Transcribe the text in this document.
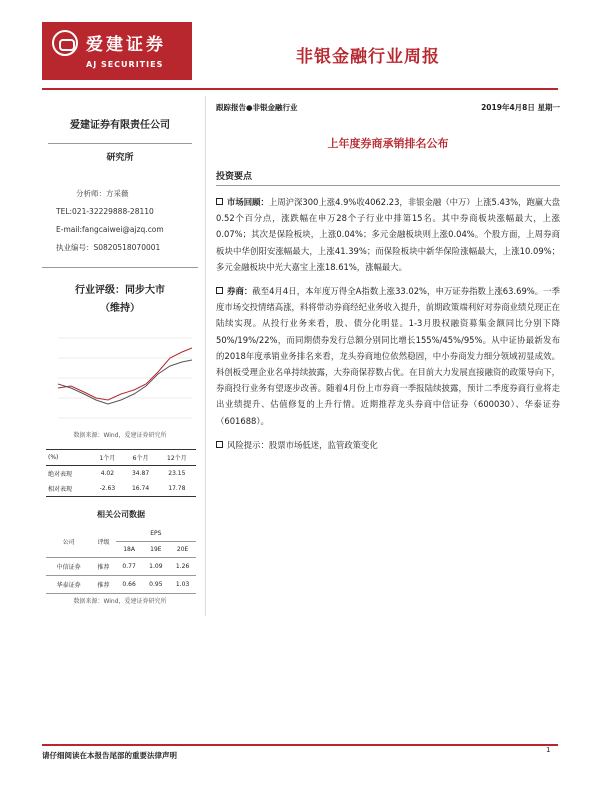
爱建证券
AJ SECURITIES	非银金融行业周报
爱建证券有限责任公司
研究所
分析师：方采薇
TEL:021-32229888-28110
E-mail:fangcaiwei@ajzq.com
执业编号：S0820518070001
行业评级：同步大市
（维持）
数据来源：Wind，爱建证券研究所
(%)	1个月	6个月	12个月
绝对表现	4.02	34.87	23.15
相对表现	-2.63	16.74	17.78
相关公司数据
公司	评级	EPS		
		18A	19E	20E
中信证券	推荐	0.77	1.09	1.26
华泰证券	推荐	0.66	0.95	1.03
数据来源：Wind，爱建证券研究所
跟踪报告●非银金融行业	2019年4月8日 星期一
上年度券商承销排名公布
投资要点
市场回顾：上周沪深300上涨4.9%收4062.23，非银金融（中万）上涨5.43%，跑赢大盘0.52个百分点，涨跌幅在申万28个子行业中排第15名。其中券商板块涨幅最大，上涨0.07%；其次是保险板块，上涨0.04%；多元金融板块则上涨0.04%。个股方面，上周券商板块中华创阳安涨幅最大，上涨41.39%；而保险板块中新华保险涨幅最大，上涨10.09%；多元金融板块中光大嘉宝上涨18.61%，涨幅最大。
券商：截至4月4日，本年度万得全A指数上涨33.02%，申万证券指数上涨63.69%。一季度市场交投情绪高涨，料将带动券商经纪业务收入提升，前期政策端利好对券商业绩兑现正在陆续实现。从投行业务来看，股、债分化明显。1-3月股权融资募集金额同比分别下降50%/19%/22%，而同期债券发行总额分别同比增长155%/45%/95%。从中证协最新发布的2018年度承销业务排名来看，龙头券商地位依然稳固，中小券商发力细分领域初显成效。科创板受理企业名单持续披露，大券商保荐数占优。在目前大力发展直接融资的政策导向下，券商投行业务有望逐步改善。随着4月份上市券商一季报陆续披露，预计二季度券商行业将走出业绩提升、估值修复的上升行情。近期推荐龙头券商中信证券（600030）、华泰证券（601688）。
风险提示：股票市场低迷，监管政策变化
请仔细阅读在本报告尾部的重要法律声明
1
